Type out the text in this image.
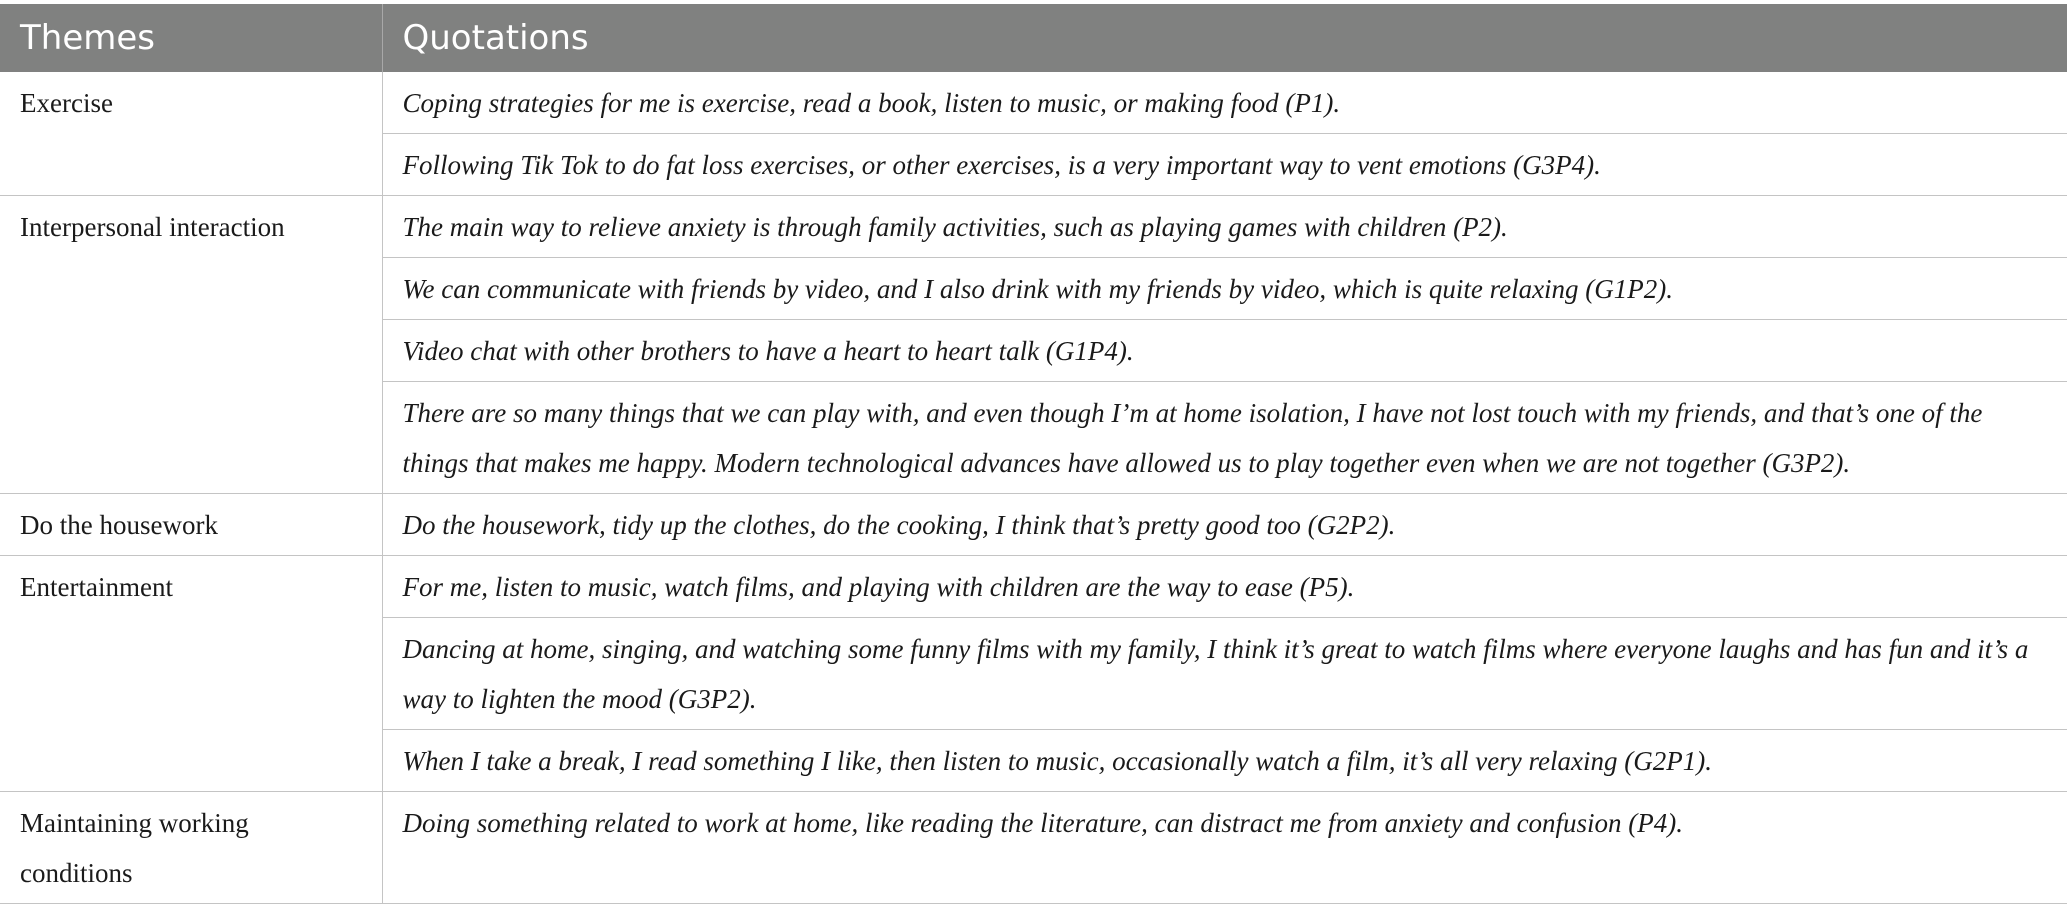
Themes	Quotations
Exercise	Coping strategies for me is exercise, read a book, listen to music, or making food (P1).
	Following Tik Tok to do fat loss exercises, or other exercises, is a very important way to vent emotions (G3P4).
Interpersonal interaction	The main way to relieve anxiety is through family activities, such as playing games with children (P2).
	We can communicate with friends by video, and I also drink with my friends by video, which is quite relaxing (G1P2).
	Video chat with other brothers to have a heart to heart talk (G1P4).
	There are so many things that we can play with, and even though I’m at home isolation, I have not lost touch with my friends, and that’s one of the things that makes me happy. Modern technological advances have allowed us to play together even when we are not together (G3P2).
Do the housework	Do the housework, tidy up the clothes, do the cooking, I think that’s pretty good too (G2P2).
Entertainment	For me, listen to music, watch films, and playing with children are the way to ease (P5).
	Dancing at home, singing, and watching some funny films with my family, I think it’s great to watch films where everyone laughs and has fun and it’s a way to lighten the mood (G3P2).
	When I take a break, I read something I like, then listen to music, occasionally watch a film, it’s all very relaxing (G2P1).
Maintaining working conditions	Doing something related to work at home, like reading the literature, can distract me from anxiety and confusion (P4).
